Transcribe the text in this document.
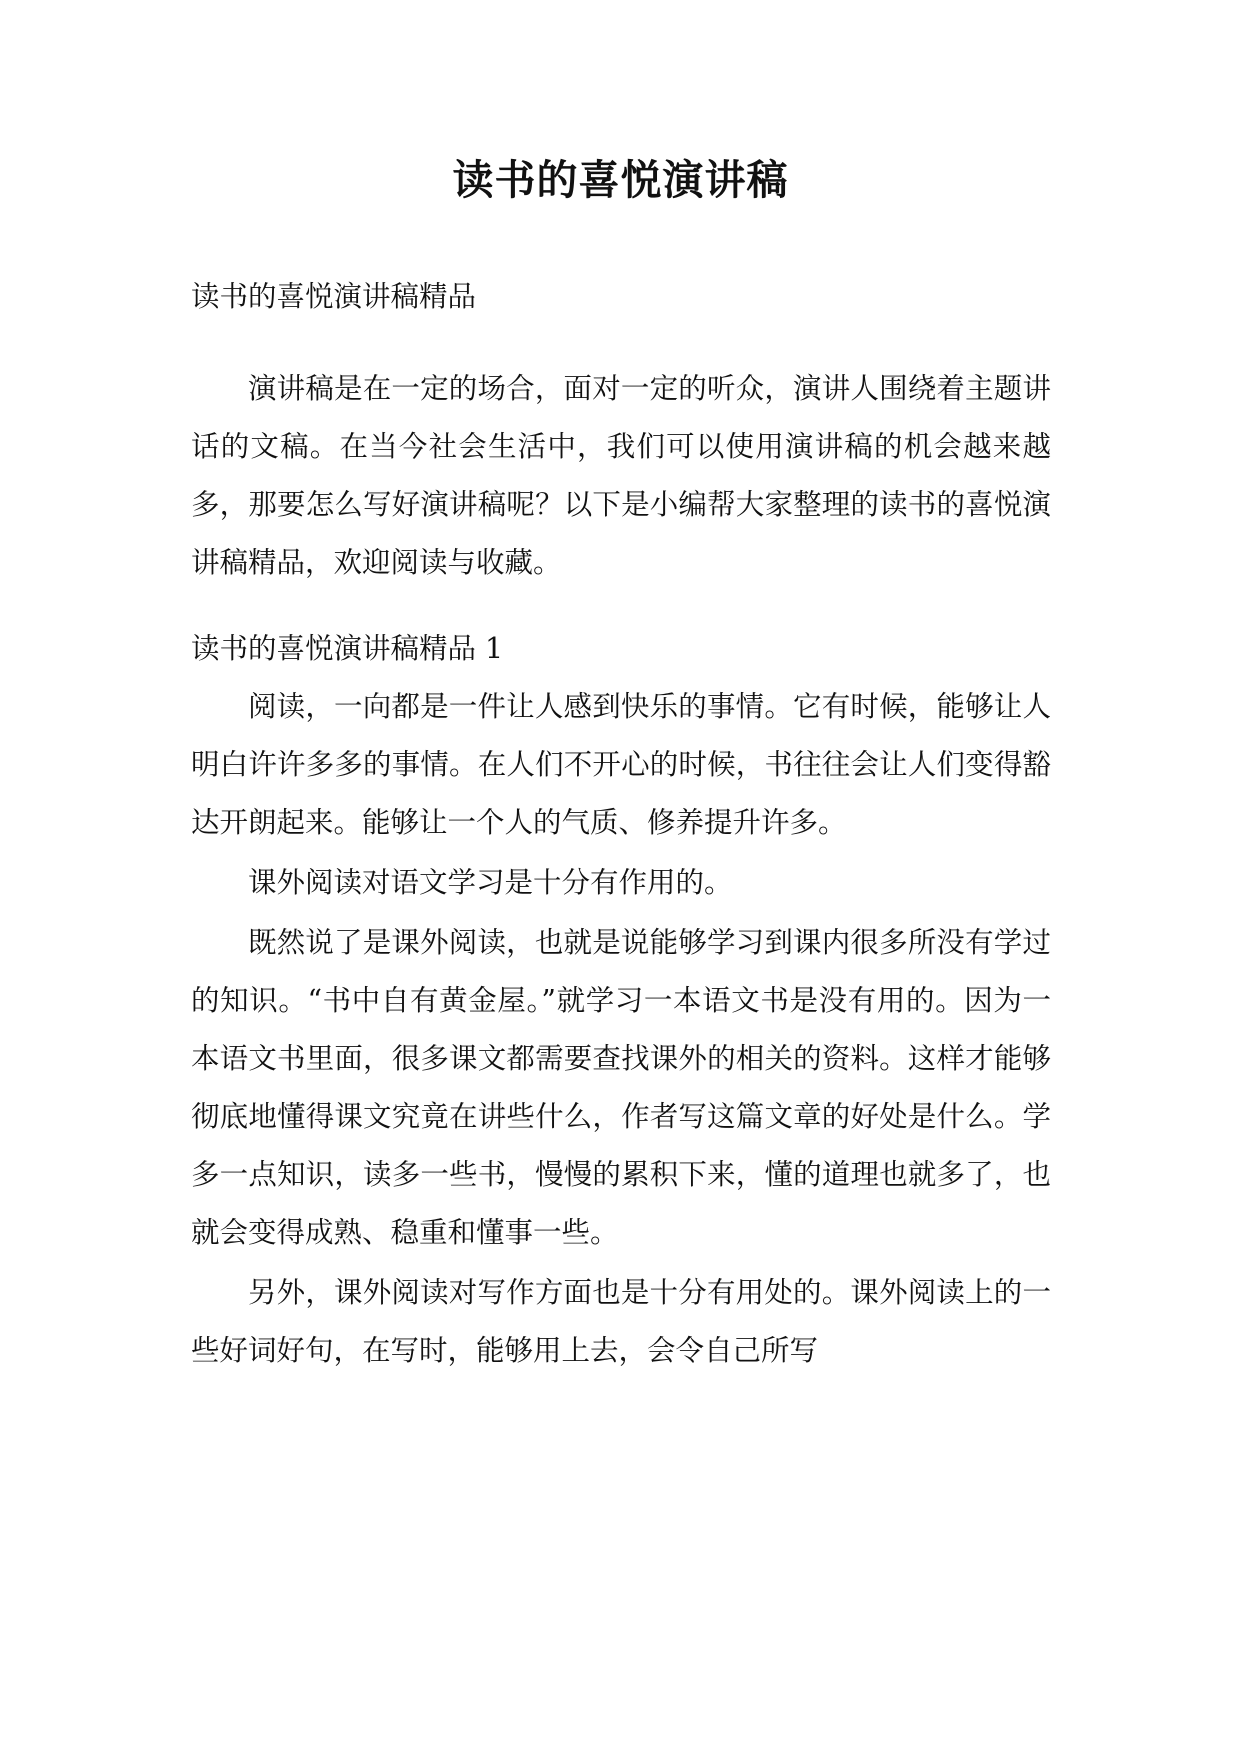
读书的喜悦演讲稿
读书的喜悦演讲稿精品

演讲稿是在一定的场合，面对一定的听众，演讲人围绕着主题讲话的文稿。在当今社会生活中，我们可以使用演讲稿的机会越来越多，那要怎么写好演讲稿呢？以下是小编帮大家整理的读书的喜悦演讲稿精品，欢迎阅读与收藏。

读书的喜悦演讲稿精品 1

阅读，一向都是一件让人感到快乐的事情。它有时候，能够让人明白许许多多的事情。在人们不开心的时候，书往往会让人们变得豁达开朗起来。能够让一个人的气质、修养提升许多。

课外阅读对语文学习是十分有作用的。

既然说了是课外阅读，也就是说能够学习到课内很多所没有学过的知识。“书中自有黄金屋。”就学习一本语文书是没有用的。因为一本语文书里面，很多课文都需要查找课外的相关的资料。这样才能够彻底地懂得课文究竟在讲些什么，作者写这篇文章的好处是什么。学多一点知识，读多一些书，慢慢的累积下来，懂的道理也就多了，也就会变得成熟、稳重和懂事一些。

另外，课外阅读对写作方面也是十分有用处的。课外阅读上的一些好词好句，在写时，能够用上去，会令自己所写
